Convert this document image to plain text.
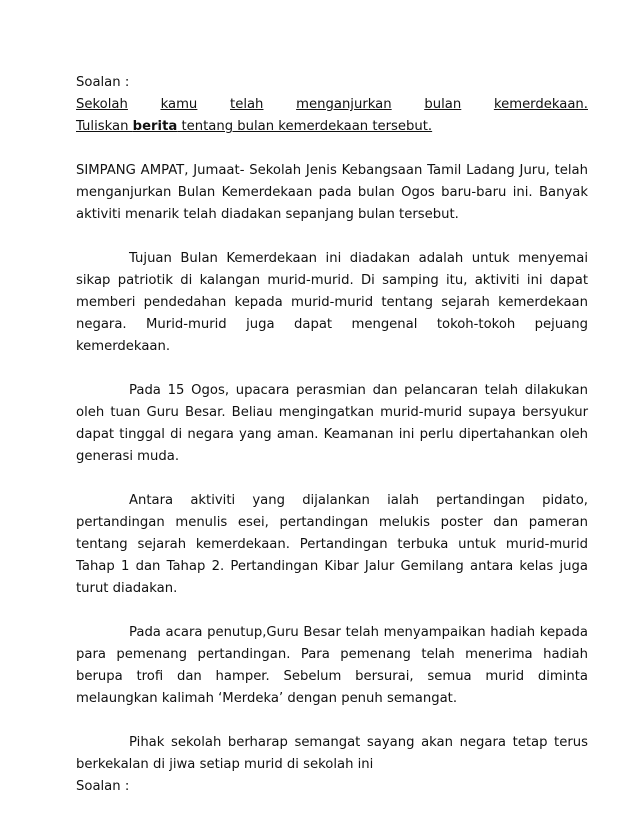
Soalan :

Sekolah kamu telah menganjurkan bulan kemerdekaan.

Tuliskan berita tentang bulan kemerdekaan tersebut.

SIMPANG AMPAT, Jumaat- Sekolah Jenis Kebangsaan Tamil Ladang Juru, telah menganjurkan Bulan Kemerdekaan pada bulan Ogos baru-baru ini. Banyak aktiviti menarik telah diadakan sepanjang bulan tersebut.

Tujuan Bulan Kemerdekaan ini diadakan adalah untuk menyemai sikap patriotik di kalangan murid-murid. Di samping itu, aktiviti ini dapat memberi pendedahan kepada murid-murid tentang sejarah kemerdekaan negara. Murid-murid juga dapat mengenal tokoh-tokoh pejuang kemerdekaan.

Pada 15 Ogos, upacara perasmian dan pelancaran telah dilakukan oleh tuan Guru Besar. Beliau mengingatkan murid-murid supaya bersyukur dapat tinggal di negara yang aman. Keamanan ini perlu dipertahankan oleh generasi muda.

Antara aktiviti yang dijalankan ialah pertandingan pidato, pertandingan menulis esei, pertandingan melukis poster dan pameran tentang sejarah kemerdekaan. Pertandingan terbuka untuk murid-murid Tahap 1 dan Tahap 2. Pertandingan Kibar Jalur Gemilang antara kelas juga turut diadakan.

Pada acara penutup,Guru Besar telah menyampaikan hadiah kepada para pemenang pertandingan. Para pemenang telah menerima hadiah berupa trofi dan hamper. Sebelum bersurai, semua murid diminta melaungkan kalimah ‘Merdeka’ dengan penuh semangat.

Pihak sekolah berharap semangat sayang akan negara tetap terus berkekalan di jiwa setiap murid di sekolah ini

Soalan :
